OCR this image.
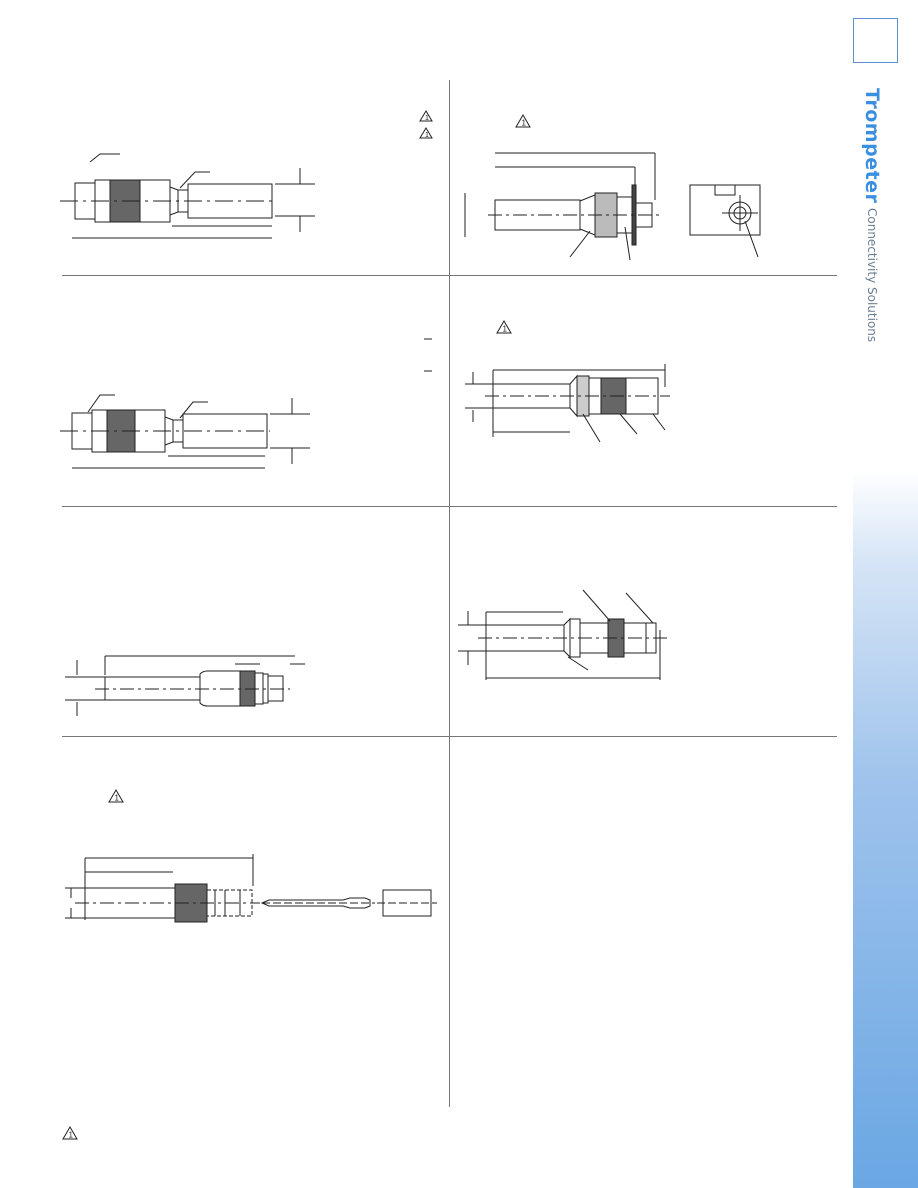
Trompeter Connectivity Solutions
1
1
1
1
1
1
